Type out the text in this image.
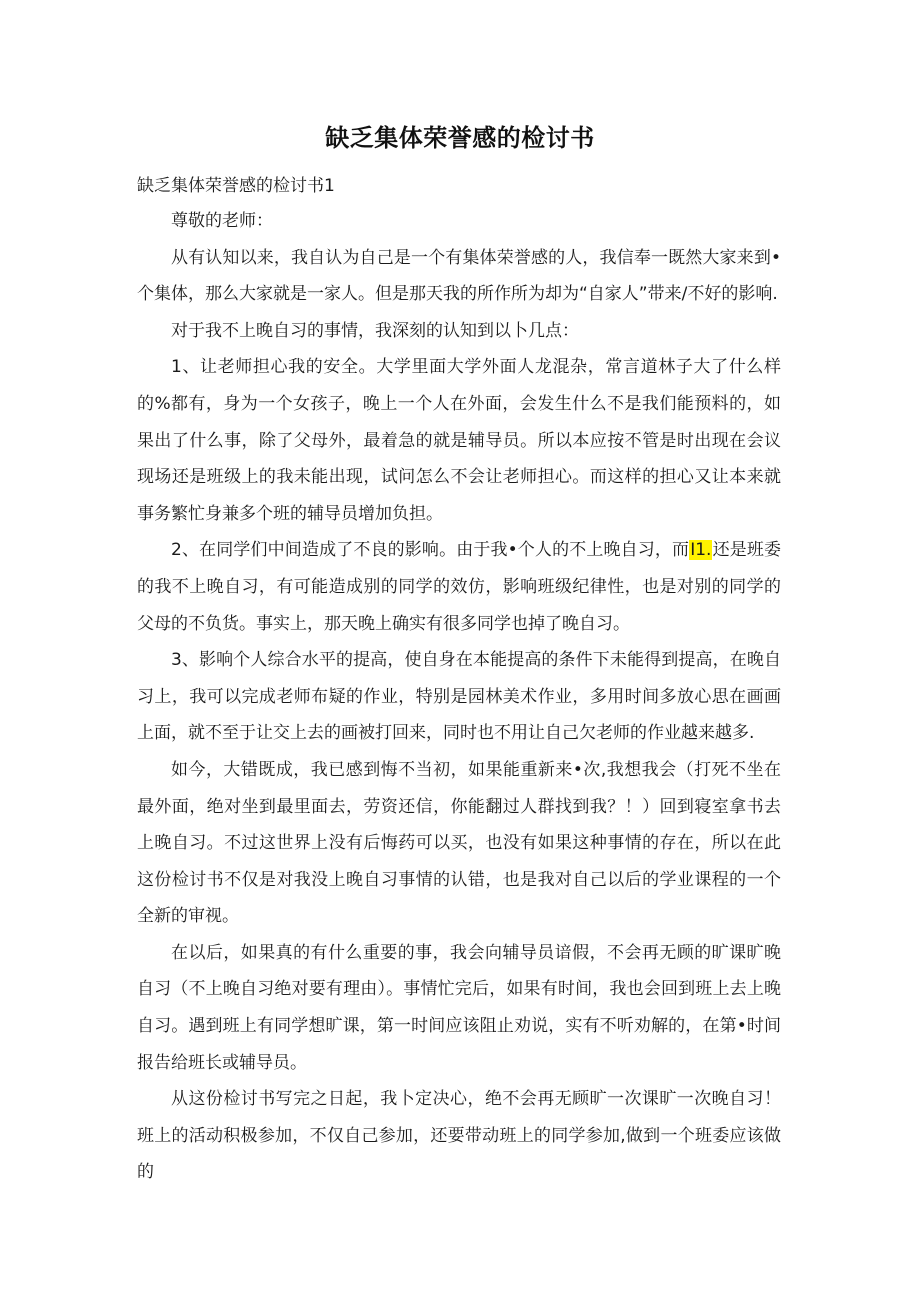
缺乏集体荣誉感的检讨书
缺乏集体荣誉感的检讨书1

尊敬的老师：

从有认知以来，我自认为自己是一个有集体荣誉感的人，我信奉一既然大家来到•个集体，那么大家就是一家人。但是那天我的所作所为却为“自家人”带来/不好的影响.

对于我不上晚自习的事情，我深刻的认知到以卜几点：

1、让老师担心我的安全。大学里面大学外面人龙混杂，常言道林子大了什么样的%都有，身为一个女孩子，晚上一个人在外面，会发生什么不是我们能预料的，如果出了什么事，除了父母外，最着急的就是辅导员。所以本应按不管是时出现在会议现场还是班级上的我未能出现，试问怎么不会让老师担心。而这样的担心又让本来就事务繁忙身兼多个班的辅导员增加负担。

2、在同学们中间造成了不良的影响。由于我•个人的不上晚自习，而I1.还是班委的我不上晚自习，有可能造成别的同学的效仿，影响班级纪律性，也是对别的同学的父母的不负货。事实上，那天晚上确实有很多同学也掉了晚自习。

3、影响个人综合水平的提高，使自身在本能提高的条件下未能得到提高，在晚自习上，我可以完成老师布疑的作业，特别是园林美术作业，多用时间多放心思在画画上面，就不至于让交上去的画被打回来，同时也不用让自己欠老师的作业越来越多.

如今，大错既成，我已感到悔不当初，如果能重新来•次,我想我会（打死不坐在最外面，绝对坐到最里面去，劳资还信，你能翻过人群找到我？！）回到寝室拿书去上晚自习。不过这世界上没有后悔药可以买，也没有如果这种事情的存在，所以在此这份检讨书不仅是对我没上晚自习事情的认错，也是我对自己以后的学业课程的一个全新的审视。

在以后，如果真的有什么重要的事，我会向辅导员谙假，不会再无顾的旷课旷晚自习（不上晚自习绝对要有理由）。事情忙完后，如果有时间，我也会回到班上去上晚自习。遇到班上有同学想旷课，第一时间应该阻止劝说，实有不听劝解的，在第•时间报告给班长或辅导员。

从这份检讨书写完之日起，我卜定决心，绝不会再无顾旷一次课旷一次晚自习！班上的活动积极参加，不仅自己参加，还要带动班上的同学参加,做到一个班委应该做的
